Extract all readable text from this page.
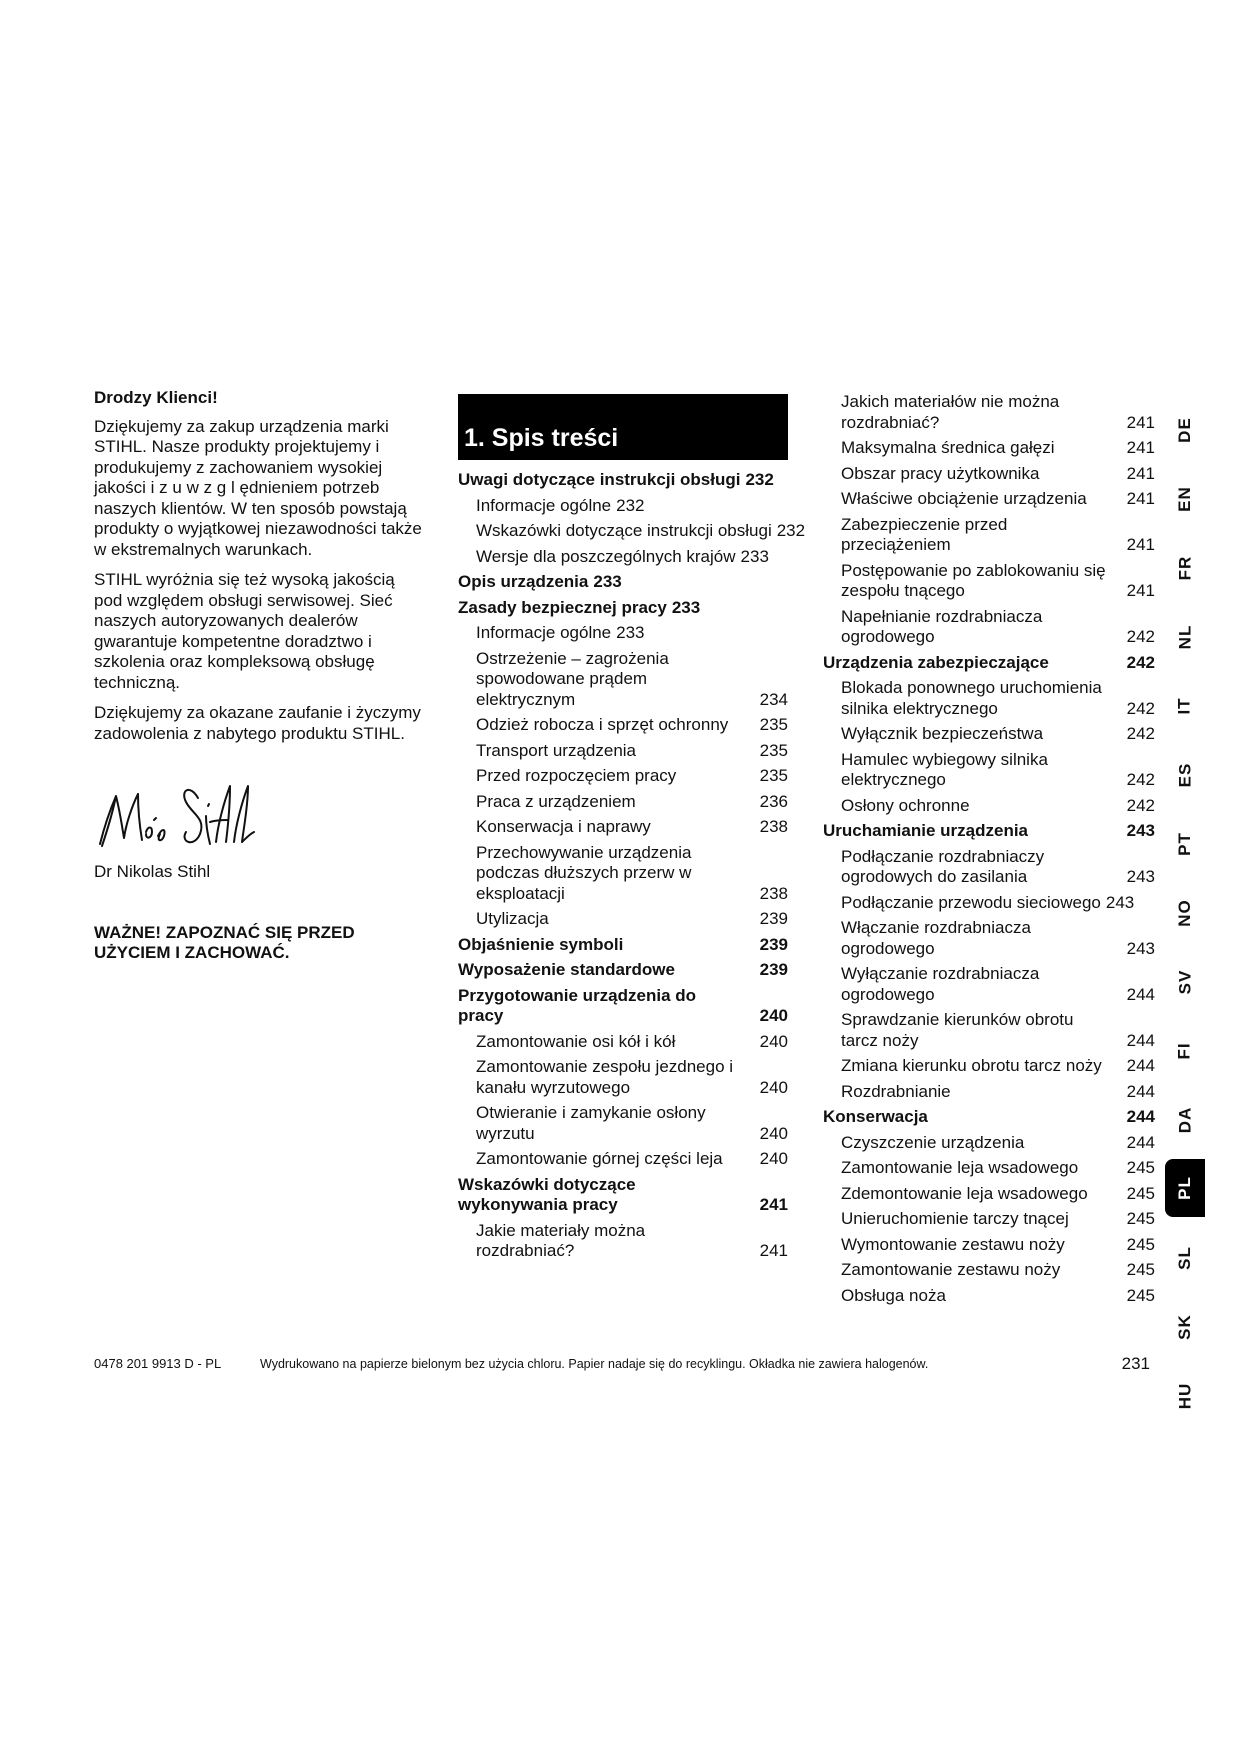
Drodzy Klienci!

Dziękujemy za zakup urządzenia marki STIHL. Nasze produkty projektujemy i produkujemy z zachowaniem wysokiej jakości i z u w z g l ędnieniem potrzeb naszych klientów. W ten sposób powstają produkty o wyjątkowej niezawodności także w ekstremalnych warunkach.

STIHL wyróżnia się też wysoką jakością pod względem obsługi serwisowej. Sieć naszych autoryzowanych dealerów gwarantuje kompetentne doradztwo i szkolenia oraz kompleksową obsługę techniczną.

Dziękujemy za okazane zaufanie i życzymy zadowolenia z nabytego produktu STIHL.

Dr Nikolas Stihl

WAŻNE! ZAPOZNAĆ SIĘ PRZED UŻYCIEM I ZACHOWAĆ.

1. Spis treści
Uwagi dotyczące instrukcji obsługi 232
Informacje ogólne 232
Wskazówki dotyczące instrukcji obsługi 232
Wersje dla poszczególnych krajów 233
Opis urządzenia 233
Zasady bezpiecznej pracy 233
Informacje ogólne 233
Ostrzeżenie – zagrożenia spowodowane prądem elektrycznym	234
Odzież robocza i sprzęt ochronny	235
Transport urządzenia	235
Przed rozpoczęciem pracy	235
Praca z urządzeniem	236
Konserwacja i naprawy	238
Przechowywanie urządzenia podczas dłuższych przerw w eksploatacji	238
Utylizacja	239
Objaśnienie symboli	239
Wyposażenie standardowe	239
Przygotowanie urządzenia do pracy	240
Zamontowanie osi kół i kół	240
Zamontowanie zespołu jezdnego i kanału wyrzutowego	240
Otwieranie i zamykanie osłony wyrzutu	240
Zamontowanie górnej części leja	240
Wskazówki dotyczące wykonywania pracy	241
Jakie materiały można rozdrabniać?	241
Jakich materiałów nie można rozdrabniać?	241
Maksymalna średnica gałęzi	241
Obszar pracy użytkownika	241
Właściwe obciążenie urządzenia	241
Zabezpieczenie przed przeciążeniem	241
Postępowanie po zablokowaniu się zespołu tnącego	241
Napełnianie rozdrabniacza ogrodowego	242
Urządzenia zabezpieczające	242
Blokada ponownego uruchomienia silnika elektrycznego	242
Wyłącznik bezpieczeństwa	242
Hamulec wybiegowy silnika elektrycznego	242
Osłony ochronne	242
Uruchamianie urządzenia	243
Podłączanie rozdrabniaczy ogrodowych do zasilania	243
Podłączanie przewodu sieciowego 243
Włączanie rozdrabniacza ogrodowego	243
Wyłączanie rozdrabniacza ogrodowego	244
Sprawdzanie kierunków obrotu tarcz noży	244
Zmiana kierunku obrotu tarcz noży	244
Rozdrabnianie	244
Konserwacja	244
Czyszczenie urządzenia	244
Zamontowanie leja wsadowego	245
Zdemontowanie leja wsadowego	245
Unieruchomienie tarczy tnącej	245
Wymontowanie zestawu noży	245
Zamontowanie zestawu noży	245
Obsługa noża	245
DE
EN
FR
NL
IT
ES
PT
NO
SV
FI
DA
PL
SL
SK
HU
0478 201 9913 D - PL	Wydrukowano na papierze bielonym bez użycia chloru. Papier nadaje się do recyklingu. Okładka nie zawiera halogenów.	231
